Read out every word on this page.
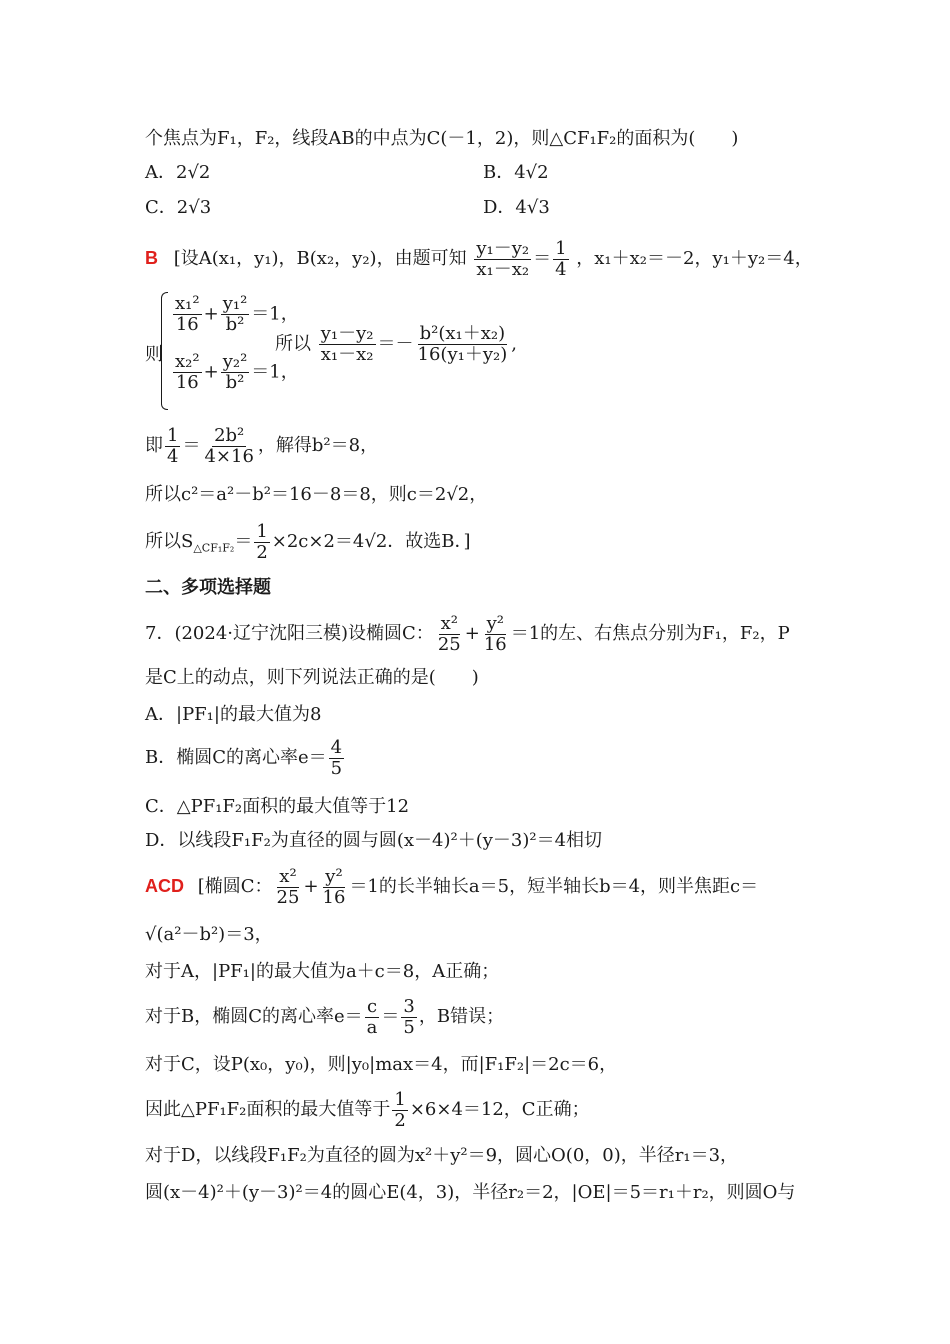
个焦点为F₁，F₂，线段AB的中点为C(－1，2)，则△CF₁F₂的面积为(　　)
A．2√2	B．4√2
C．2√3	D．4√3
B [设A(x₁，y₁)，B(x₂，y₂)，由题可知 $\frac{\text{y₁－y₂}}{\text{x₁－x₂}} = \frac{1}{4}$ ，x₁＋x₂＝－2，y₁＋y₂＝4，
则
$\frac{\text{x₁²}}{16} + \frac{\text{y₁²}}{\text{b²}} =1$，
$\frac{\text{x₂²}}{16} + \frac{\text{y₂²}}{\text{b²}} =1$，
所以 $\frac{\text{y₁－y₂}}{\text{x₁－x₂}} =- \frac{\text{b²(x₁＋x₂)}}{\text{16(y₁＋y₂)}}$ ,
即 $\frac{1}{4} = \frac{\text{2b²}}{4\times 16}$ ，解得b²＝8，
所以c²＝a²－b²＝16－8＝8，则c＝2√2，
所以$S_{\triangle CF_1F_2}= \frac{1}{2} \times 2c\times 2=4√2$．故选B．]
二、多项选择题
7．(2024·辽宁沈阳三模)设椭圆C： $\frac{\text{x²}}{25} + \frac{\text{y²}}{16} =1$的左、右焦点分别为F₁，F₂，P
是C上的动点，则下列说法正确的是(　　)
A．|PF₁|的最大值为8
B．椭圆C的离心率$e= \frac{4}{5}$
C．△PF₁F₂面积的最大值等于12
D．以线段F₁F₂为直径的圆与圆(x－4)²＋(y－3)²＝4相切
ACD [椭圆C： $\frac{\text{x²}}{25} + \frac{\text{y²}}{16} =1$的长半轴长a＝5，短半轴长b＝4，则半焦距c＝
√(a²－b²)＝3，
对于A，|PF₁|的最大值为a＋c＝8，A正确；
对于B，椭圆C的离心率$e= \frac{c}{a} = \frac{3}{5}$ ，B错误；
对于C，设P(x₀，y₀)，则|y₀|max＝4，而|F₁F₂|＝2c＝6，
因此△PF₁F₂面积的最大值等于 $\frac{1}{2} \times 6\times 4=12$，C正确；
对于D，以线段F₁F₂为直径的圆为x²＋y²＝9，圆心O(0，0)，半径r₁＝3，
圆(x－4)²＋(y－3)²＝4的圆心E(4，3)，半径r₂＝2，|OE|＝5＝r₁＋r₂，则圆O与
